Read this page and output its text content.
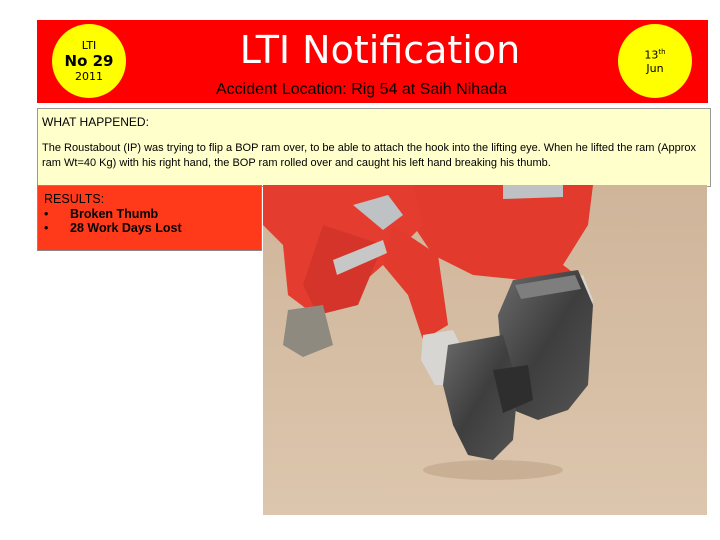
LTI
No 29
2011
LTI Notification
Accident Location: Rig 54 at Saih Nihada
13th
Jun
WHAT HAPPENED:
The Roustabout (IP) was trying to flip a BOP ram over, to be able to attach the hook into the lifting eye. When he lifted the ram (Approx ram Wt=40 Kg) with his right hand, the BOP ram rolled over and caught his left hand breaking his thumb.
RESULTS:
• Broken Thumb
• 28 Work Days Lost
